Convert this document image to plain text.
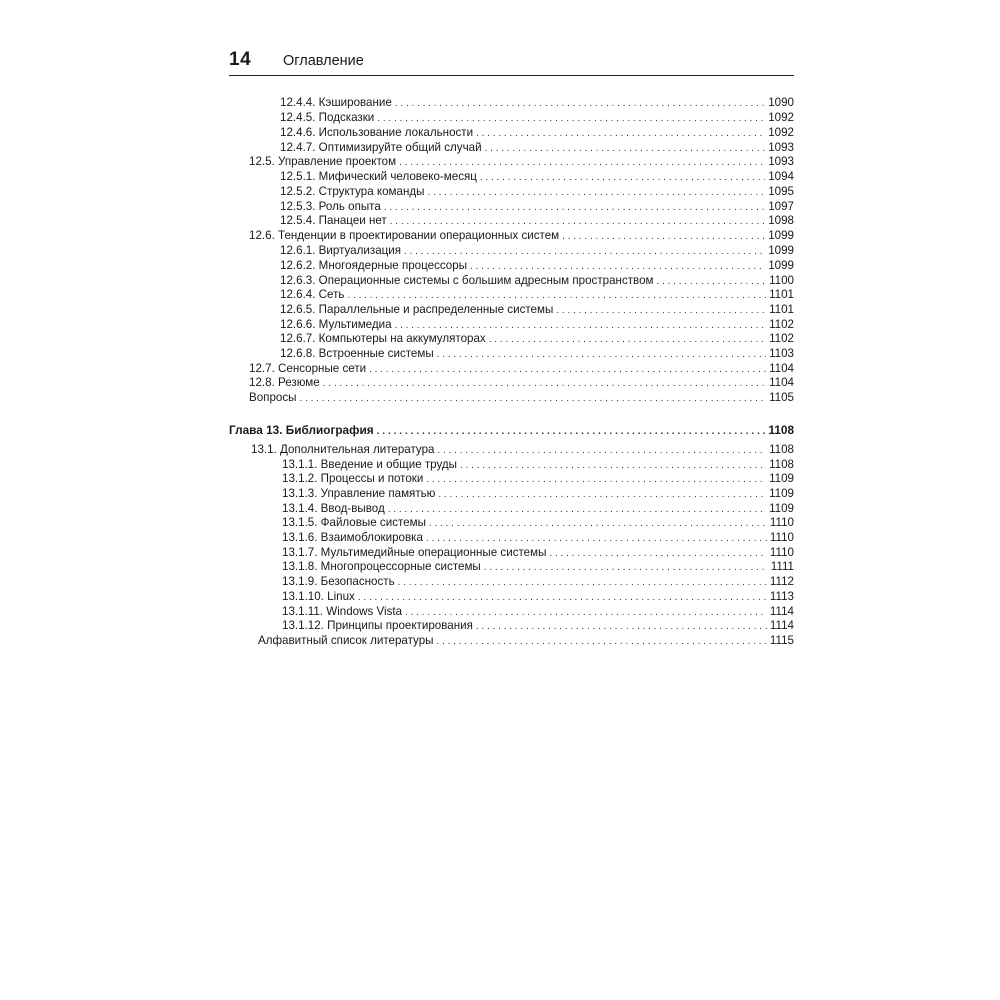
14 Оглавление
12.4.4. Кэширование . . .	1090
12.4.5. Подсказки . . .	1092
12.4.6. Использование локальности . . .	1092
12.4.7. Оптимизируйте общий случай . . .	1093
12.5. Управление проектом . . .	1093
12.5.1. Мифический человеко-месяц . . .	1094
12.5.2. Структура команды . . .	1095
12.5.3. Роль опыта . . .	1097
12.5.4. Панацеи нет . . .	1098
12.6. Тенденции в проектировании операционных систем . . .	1099
12.6.1. Виртуализация . . .	1099
12.6.2. Многоядерные процессоры . . .	1099
12.6.3. Операционные системы с большим адресным пространством . . .	1100
12.6.4. Сеть . . .	1101
12.6.5. Параллельные и распределенные системы . . .	1101
12.6.6. Мультимедиа . . .	1102
12.6.7. Компьютеры на аккумуляторах . . .	1102
12.6.8. Встроенные системы . . .	1103
12.7. Сенсорные сети . . .	1104
12.8. Резюме . . .	1104
Вопросы . . .	1105
Глава 13. Библиография .....	1108
13.1. Дополнительная литература . . .	1108
13.1.1. Введение и общие труды . . .	1108
13.1.2. Процессы и потоки . . .	1109
13.1.3. Управление памятью . . .	1109
13.1.4. Ввод-вывод . . .	1109
13.1.5. Файловые системы . . .	1110
13.1.6. Взаимоблокировка . . .	1110
13.1.7. Мультимедийные операционные системы . . .	1110
13.1.8. Многопроцессорные системы . . .	1111
13.1.9. Безопасность . . .	1112
13.1.10. Linux . . .	1113
13.1.11. Windows Vista . . .	1114
13.1.12. Принципы проектирования . . .	1114
Алфавитный список литературы . . .	1115
